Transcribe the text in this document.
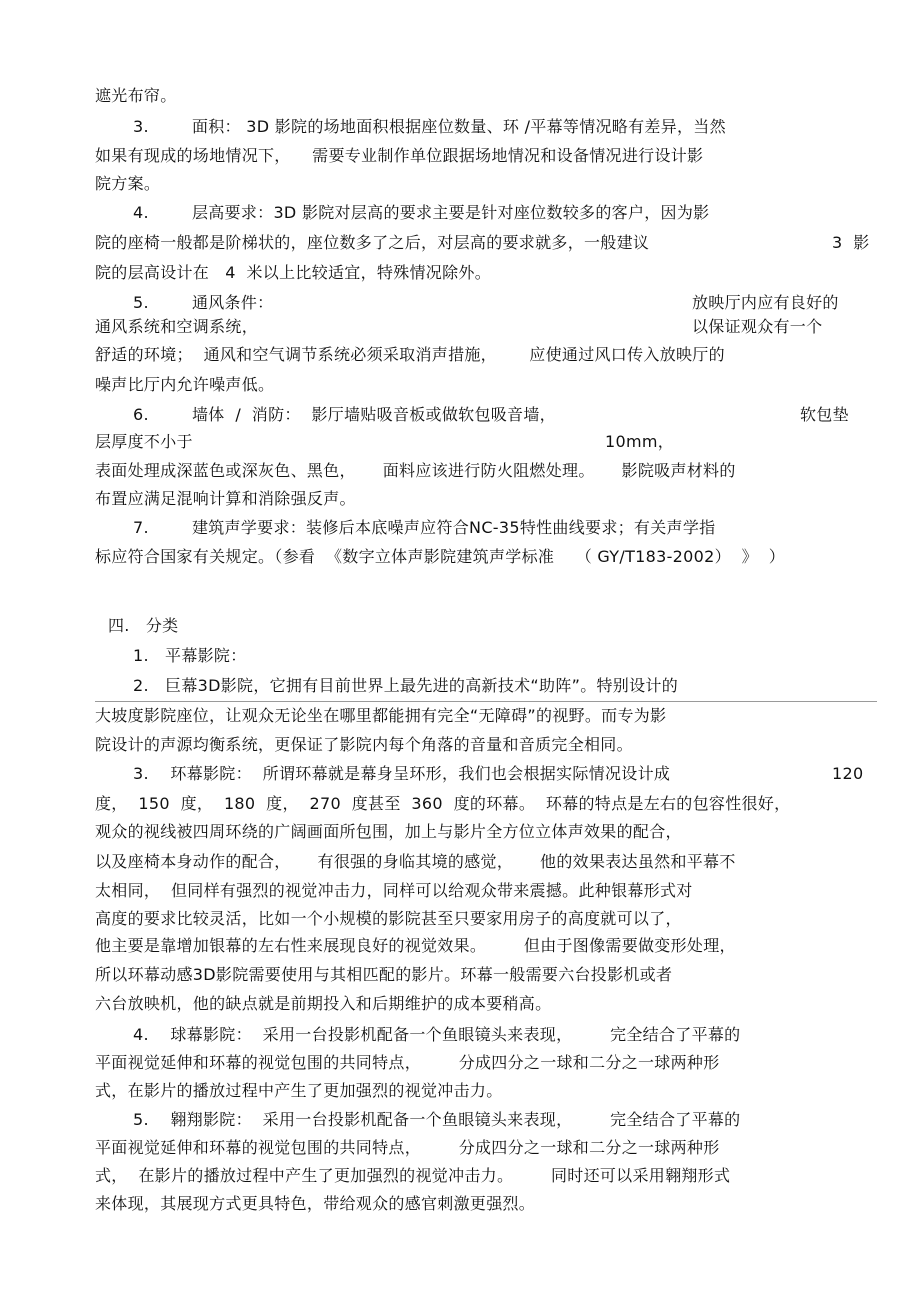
遮光布帘。
3.        面积： 3D 影院的场地面积根据座位数量、环 /平幕等情况略有差异，当然
如果有现成的场地情况下，    需要专业制作单位跟据场地情况和设备情况进行设计影
院方案。
4.        层高要求：3D 影院对层高的要求主要是针对座位数较多的客户，因为影
院的座椅一般都是阶梯状的，座位数多了之后，对层高的要求就多，一般建议	3  影
院的层高设计在   4  米以上比较适宜，特殊情况除外。
5.        通风条件：	放映厅内应有良好的
通风系统和空调系统，	以保证观众有一个
舒适的环境；  通风和空气调节系统必须采取消声措施，      应使通过风口传入放映厅的
噪声比厅内允许噪声低。
6.        墙体  /  消防：  影厅墙贴吸音板或做软包吸音墙，	软包垫
层厚度不小于	10mm，
表面处理成深蓝色或深灰色、黑色，     面料应该进行防火阻燃处理。     影院吸声材料的
布置应满足混响计算和消除强反声。
7.        建筑声学要求：装修后本底噪声应符合NC-35特性曲线要求；有关声学指
标应符合国家有关规定。（参看  《数字立体声影院建筑声学标准    （ GY/T183-2002）  》  ）
四.   分类
1.   平幕影院：
2.   巨幕3D影院，它拥有目前世界上最先进的高新技术“助阵”。特别设计的
大坡度影院座位，让观众无论坐在哪里都能拥有完全“无障碍”的视野。而专为影
院设计的声源均衡系统，更保证了影院内每个角落的音量和音质完全相同。
3.    环幕影院：  所谓环幕就是幕身呈环形，我们也会根据实际情况设计成	120
度，  150  度，  180  度，  270  度甚至  360  度的环幕。  环幕的特点是左右的包容性很好，
观众的视线被四周环绕的广阔画面所包围，加上与影片全方位立体声效果的配合，
以及座椅本身动作的配合，     有很强的身临其境的感觉，     他的效果表达虽然和平幕不
太相同，  但同样有强烈的视觉冲击力，同样可以给观众带来震撼。此种银幕形式对
高度的要求比较灵活，比如一个小规模的影院甚至只要家用房子的高度就可以了，
他主要是靠增加银幕的左右性来展现良好的视觉效果。       但由于图像需要做变形处理，
所以环幕动感3D影院需要使用与其相匹配的影片。环幕一般需要六台投影机或者
六台放映机，他的缺点就是前期投入和后期维护的成本要稍高。
4.    球幕影院：  采用一台投影机配备一个鱼眼镜头来表现，       完全结合了平幕的
平面视觉延伸和环幕的视觉包围的共同特点，       分成四分之一球和二分之一球两种形
式，在影片的播放过程中产生了更加强烈的视觉冲击力。
5.    翱翔影院：  采用一台投影机配备一个鱼眼镜头来表现，       完全结合了平幕的
平面视觉延伸和环幕的视觉包围的共同特点，       分成四分之一球和二分之一球两种形
式，  在影片的播放过程中产生了更加强烈的视觉冲击力。       同时还可以采用翱翔形式
来体现，其展现方式更具特色，带给观众的感官刺激更强烈。
